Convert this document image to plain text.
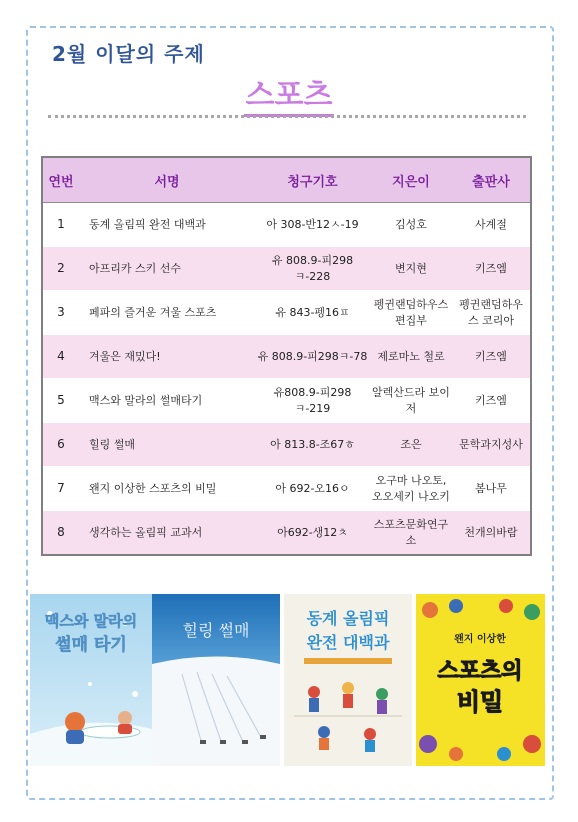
2월 이달의 주제
스포츠
연번	서명	청구기호	지은이	출판사
1	동계 올림픽 완전 대백과	아 308-반12ㅅ-19	김성호	사계절
2	아프리카 스키 선수	유 808.9-피298ㅋ-228	변지현	키즈엠
3	페파의 즐거운 겨울 스포츠	유 843-펭16ㅍ	펭귄랜덤하우스 편집부	펭귄랜덤하우스 코리아
4	겨울은 재밌다!	유 808.9-피298ㅋ-78	제로마노 철로	키즈엠
5	맥스와 말라의 썰매타기	유808.9-피298ㅋ-219	알렉산드라 보이저	키즈엠
6	힐링 썰매	아 813.8-조67ㅎ	조은	문학과지성사
7	왠지 이상한 스포츠의 비밀	아 692-오16ㅇ	오구마 나오토, 오오세키 나오키	봄나무
8	생각하는 올림픽 교과서	아692-생12ㅊ	스포츠문화연구소	천개의바람
맥스와 말라의
썰매 타기
힐링 썰매
동계 올림픽
완전 대백과	왠지 이상한
스포츠의
비밀
